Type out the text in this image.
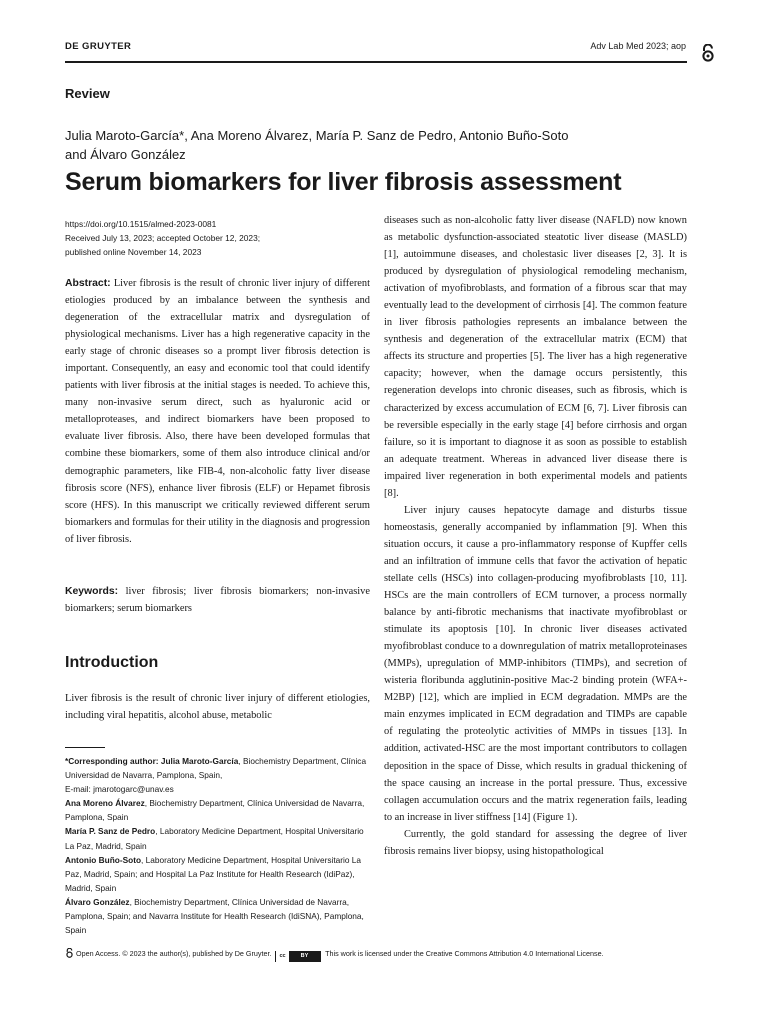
DE GRUYTER	Adv Lab Med 2023; aop
Review
Julia Maroto-García*, Ana Moreno Álvarez, María P. Sanz de Pedro, Antonio Buño-Soto
and Álvaro González
Serum biomarkers for liver fibrosis assessment
https://doi.org/10.1515/almed-2023-0081
Received July 13, 2023; accepted October 12, 2023;
published online November 14, 2023
Abstract: Liver fibrosis is the result of chronic liver injury of different etiologies produced by an imbalance between the synthesis and degeneration of the extracellular matrix and dysregulation of physiological mechanisms. Liver has a high regenerative capacity in the early stage of chronic diseases so a prompt liver fibrosis detection is important. Consequently, an easy and economic tool that could identify patients with liver fibrosis at the initial stages is needed. To achieve this, many non-invasive serum direct, such as hyaluronic acid or metalloproteases, and indirect biomarkers have been proposed to evaluate liver fibrosis. Also, there have been developed formulas that combine these biomarkers, some of them also introduce clinical and/or demographic parameters, like FIB-4, non-alcoholic fatty liver disease fibrosis score (NFS), enhance liver fibrosis (ELF) or Hepamet fibrosis score (HFS). In this manuscript we critically reviewed different serum biomarkers and formulas for their utility in the diagnosis and progression of liver fibrosis.
Keywords: liver fibrosis; liver fibrosis biomarkers; non-invasive biomarkers; serum biomarkers
Introduction
Liver fibrosis is the result of chronic liver injury of different etiologies, including viral hepatitis, alcohol abuse, metabolic

*Corresponding author: Julia Maroto-García, Biochemistry Department, Clínica Universidad de Navarra, Pamplona, Spain,

E-mail: jmarotogarc@unav.es

Ana Moreno Álvarez, Biochemistry Department, Clínica Universidad de Navarra, Pamplona, Spain

María P. Sanz de Pedro, Laboratory Medicine Department, Hospital Universitario La Paz, Madrid, Spain

Antonio Buño-Soto, Laboratory Medicine Department, Hospital Universitario La Paz, Madrid, Spain; and Hospital La Paz Institute for Health Research (IdiPaz), Madrid, Spain

Álvaro González, Biochemistry Department, Clínica Universidad de Navarra, Pamplona, Spain; and Navarra Institute for Health Research (IdiSNA), Pamplona, Spain

diseases such as non-alcoholic fatty liver disease (NAFLD) now known as metabolic dysfunction-associated steatotic liver disease (MASLD) [1], autoimmune diseases, and cholestasic liver diseases [2, 3]. It is produced by dysregulation of physiological remodeling mechanism, activation of myofibroblasts, and formation of a fibrous scar that may eventually lead to the development of cirrhosis [4]. The common feature in liver fibrosis pathologies represents an imbalance between the synthesis and degeneration of the extracellular matrix (ECM) that affects its structure and properties [5]. The liver has a high regenerative capacity; however, when the damage occurs persistently, this regeneration develops into chronic diseases, such as fibrosis, which is characterized by excess accumulation of ECM [6, 7]. Liver fibrosis can be reversible especially in the early stage [4] before cirrhosis and organ failure, so it is important to diagnose it as soon as possible to establish an adequate treatment. Whereas in advanced liver disease there is impaired liver regeneration in both experimental models and patients [8].

Liver injury causes hepatocyte damage and disturbs tissue homeostasis, generally accompanied by inflammation [9]. When this situation occurs, it cause a pro-inflammatory response of Kupffer cells and an infiltration of immune cells that favor the activation of hepatic stellate cells (HSCs) into collagen-producing myofibroblasts [10, 11]. HSCs are the main controllers of ECM turnover, a process normally balance by anti-fibrotic mechanisms that inactivate myofibroblast or stimulate its apoptosis [10]. In chronic liver diseases activated myofibroblast conduce to a downregulation of matrix metalloproteinases (MMPs), upregulation of MMP-inhibitors (TIMPs), and secretion of wisteria floribunda agglutinin-positive Mac-2 binding protein (WFA+-M2BP) [12], which are implied in ECM degradation. MMPs are the main enzymes implicated in ECM degradation and TIMPs are capable of regulating the proteolytic activities of MMPs in tissues [13]. In addition, activated-HSC are the most important contributors to collagen deposition in the space of Disse, which results in gradual thickening of the space causing an increase in the portal pressure. Thus, excessive collagen accumulation occurs and the matrix regeneration fails, leading to an increase in liver stiffness [14] (Figure 1).

Currently, the gold standard for assessing the degree of liver fibrosis remains liver biopsy, using histopathological

Open Access. © 2023 the author(s), published by De Gruyter.	cc	BY	This work is licensed under the Creative Commons Attribution 4.0 International License.
